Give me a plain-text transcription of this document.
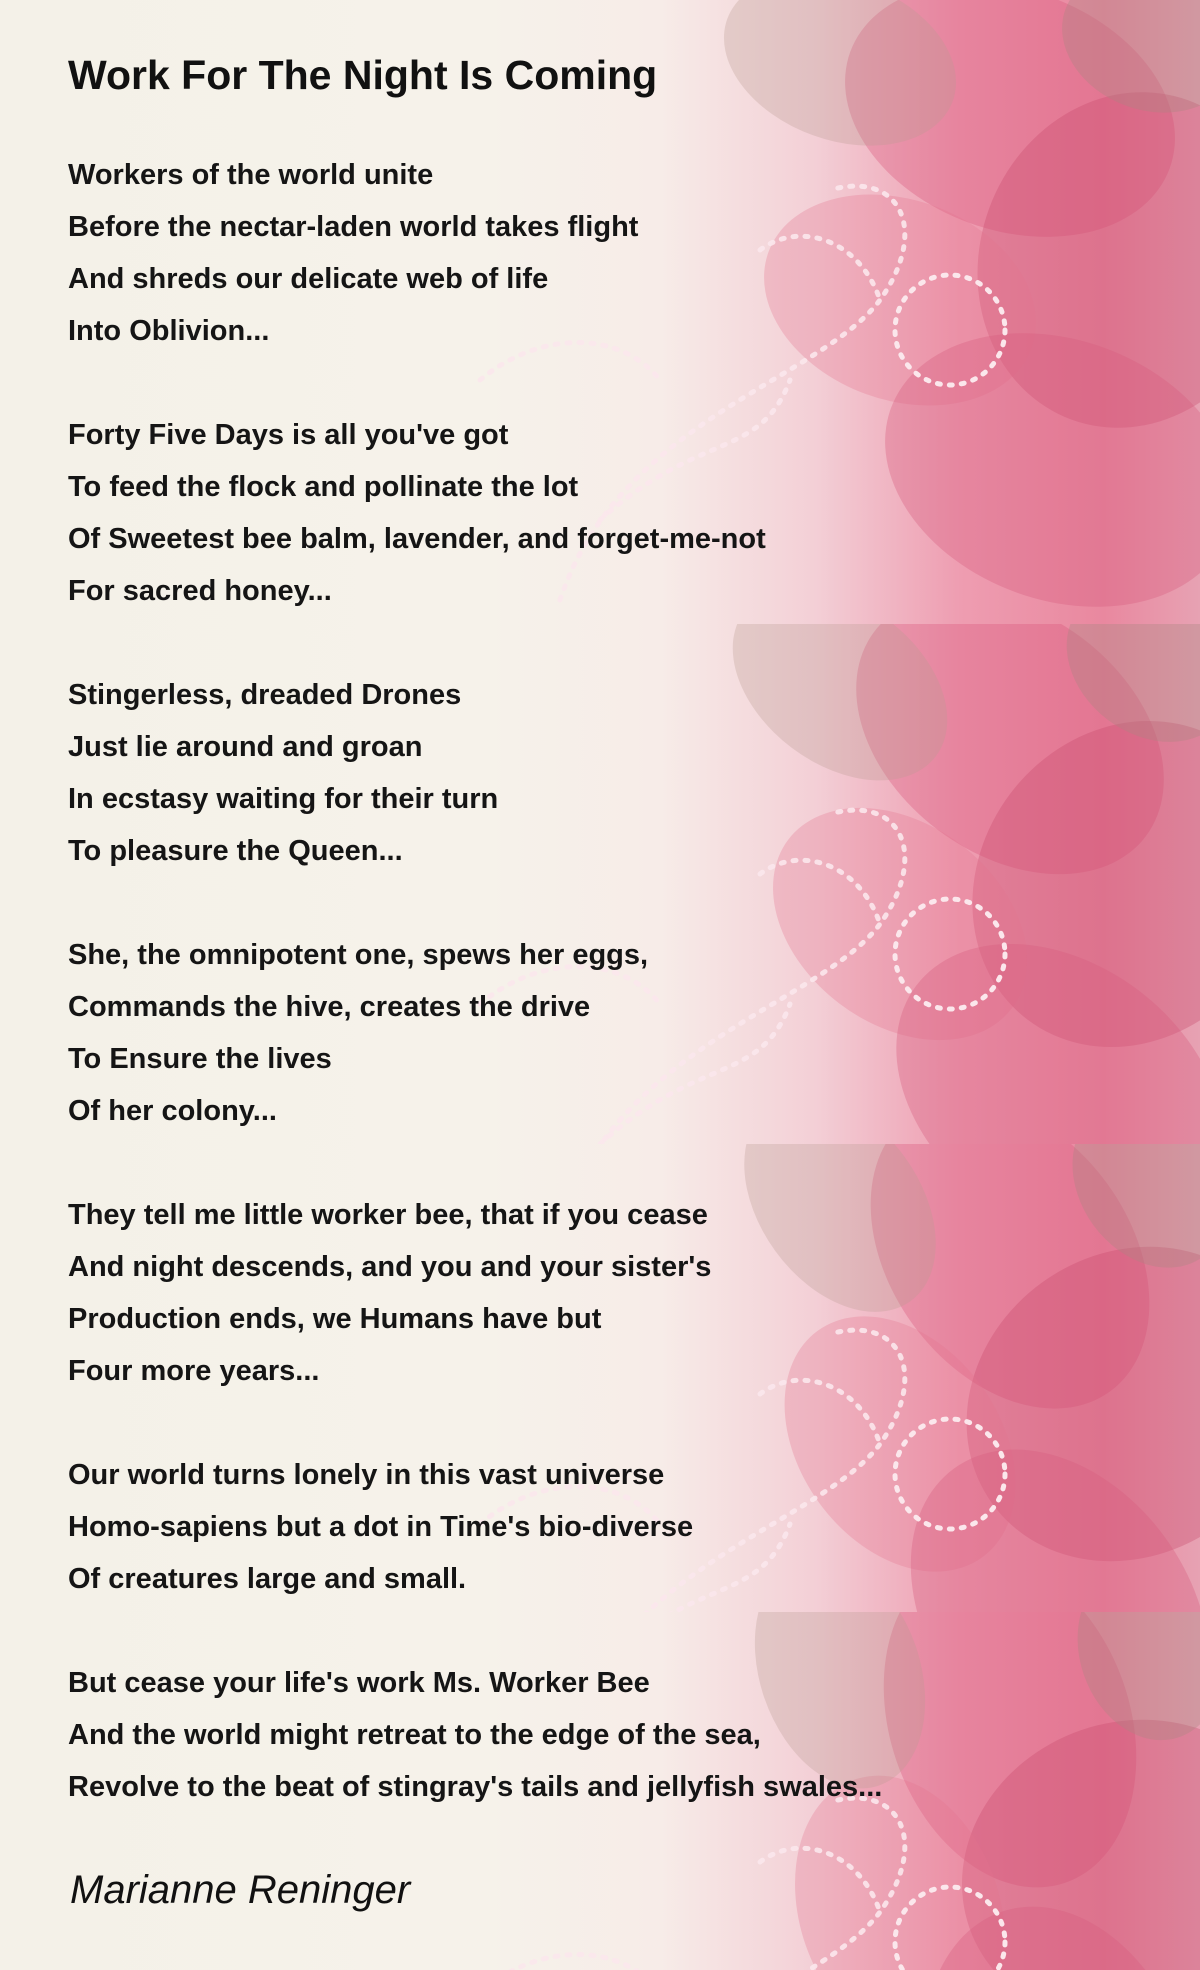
Work For The Night Is Coming
Workers of the world unite
Before the nectar-laden world takes flight
And shreds our delicate web of life
Into Oblivion...
Forty Five Days is all you've got
To feed the flock and pollinate the lot
Of Sweetest bee balm, lavender, and forget-me-not
For sacred honey...
Stingerless, dreaded Drones
Just lie around and groan
In ecstasy waiting for their turn
To pleasure the Queen...
She, the omnipotent one, spews her eggs,
Commands the hive, creates the drive
To Ensure the lives
Of her colony...
They tell me little worker bee, that if you cease
And night descends, and you and your sister's
Production ends, we Humans have but
Four more years...
Our world turns lonely in this vast universe
Homo-sapiens but a dot in Time's bio-diverse
Of creatures large and small.
But cease your life's work Ms. Worker Bee
And the world might retreat to the edge of the sea,
Revolve to the beat of stingray's tails and jellyfish swales...
Marianne Reninger
